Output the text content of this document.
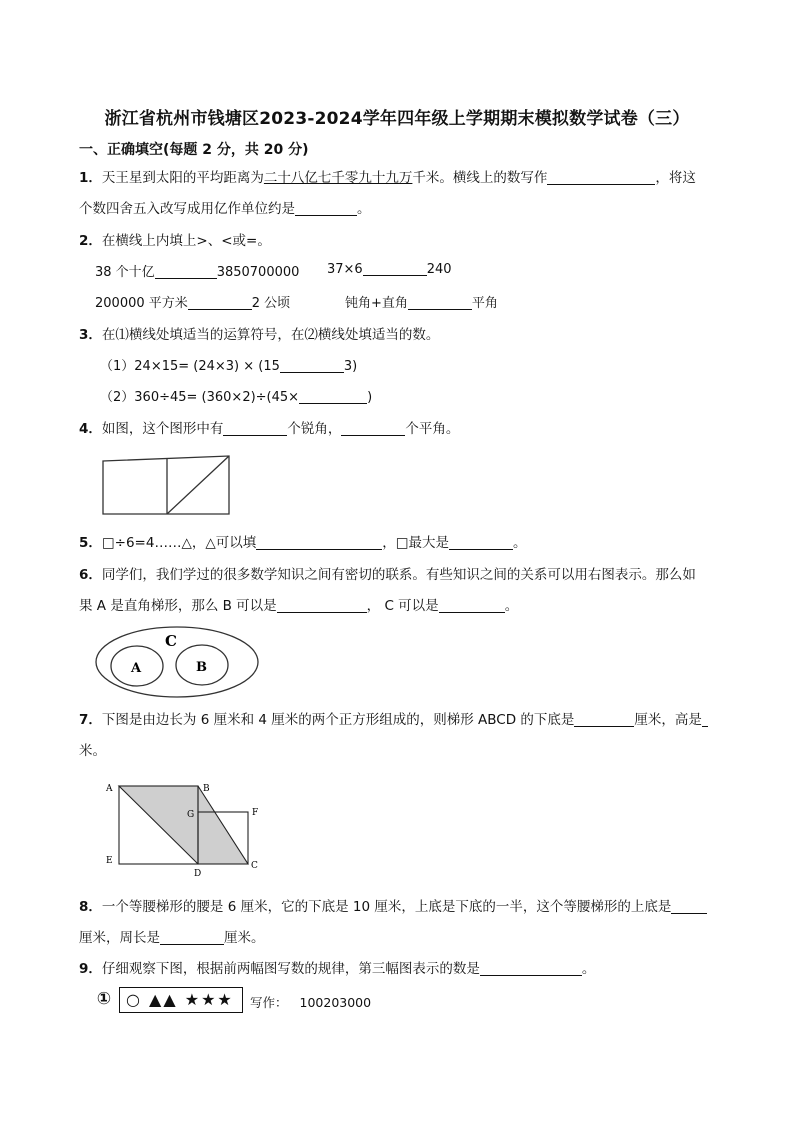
浙江省杭州市钱塘区2023-2024学年四年级上学期期末模拟数学试卷（三）
一、正确填空(每题 2 分，共 20 分)
1．天王星到太阳的平均距离为二十八亿七千零九十九万千米。横线上的数写作	，将这
个数四舍五入改写成用亿作单位约是	。
2．在横线上内填上>、<或=。
38 个十亿	3850700000 37×6	240
200000 平方米	2 公顷	钝角+直角	平角
3．在⑴横线处填适当的运算符号，在⑵横线处填适当的数。
（1）24×15= (24×3) × (15	3)
（2）360÷45= (360×2)÷(45×	)
4．如图，这个图形中有	个锐角，	个平角。
5．□÷6=4……△，△可以填	，□最大是	。
6．同学们，我们学过的很多数学知识之间有密切的联系。有些知识之间的关系可以用右图表示。那么如
果 A 是直角梯形，那么 B 可以是	， C 可以是	。
C
A	B
7．下图是由边长为 6 厘米和 4 厘米的两个正方形组成的，则梯形 ABCD 的下底是	厘米，高是
米。
A	B
G	F
E
D
C
8．一个等腰梯形的腰是 6 厘米，它的下底是 10 厘米，上底是下底的一半，这个等腰梯形的上底是
厘米，周长是	厘米。
9．仔细观察下图，根据前两幅图写数的规律，第三幅图表示的数是	。
① ○ ▲▲ ★★★	写作： 100203000
